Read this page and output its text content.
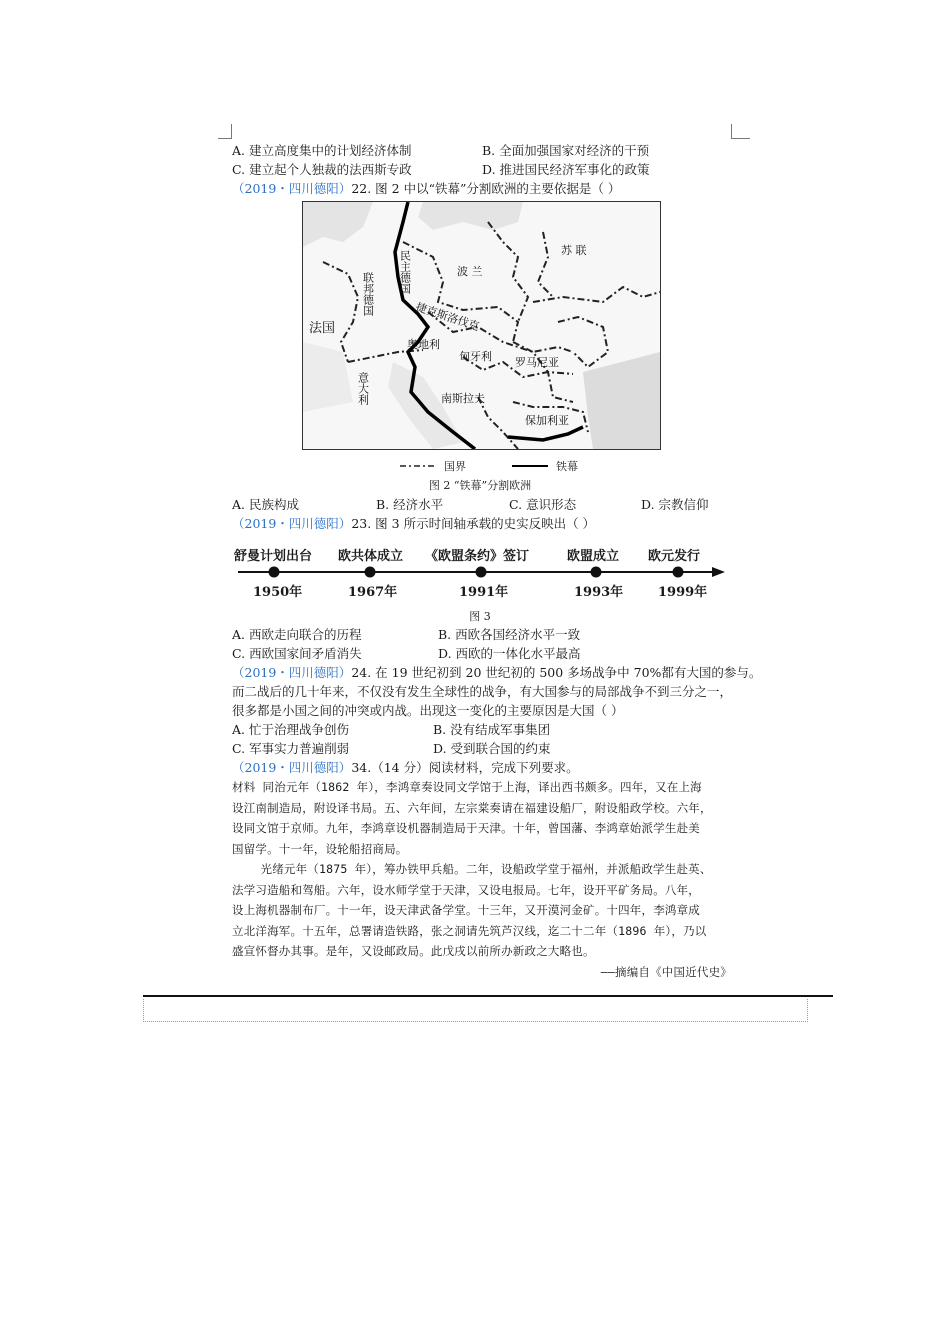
A. 建立高度集中的计划经济体制	B. 全面加强国家对经济的干预
C. 建立起个人独裁的法西斯专政	D. 推进国民经济军事化的政策
（2019・四川德阳）22. 图 2 中以“铁幕”分割欧洲的主要依据是（ ）
苏 联
民主德国	波 兰
联邦德国
法国	捷克斯洛伐克
奥地利
匈牙利 罗马尼亚
意大利	南斯拉夫
保加利亚
国界	铁幕
图 2 “铁幕”分割欧洲
A. 民族构成	B. 经济水平	C. 意识形态	D. 宗教信仰
（2019・四川德阳）23. 图 3 所示时间轴承载的史实反映出（ ）
舒曼计划出台 欧共体成立 《欧盟条约》签订	欧盟成立 欧元发行
1950年	1967年	1991年	1993年	1999年
图 3
A. 西欧走向联合的历程	B. 西欧各国经济水平一致
C. 西欧国家间矛盾消失	D. 西欧的一体化水平最高
（2019・四川德阳）24. 在 19 世纪初到 20 世纪初的 500 多场战争中 70%都有大国的参与。
而二战后的几十年来，不仅没有发生全球性的战争，有大国参与的局部战争不到三分之一，
很多都是小国之间的冲突或内战。出现这一变化的主要原因是大国（ ）
A. 忙于治理战争创伤	B. 没有结成军事集团
C. 军事实力普遍削弱	D. 受到联合国的约束
（2019・四川德阳）34.（14 分）阅读材料，完成下列要求。
材料 同治元年（1862 年），李鸿章奏设同文学馆于上海，译出西书颇多。四年，又在上海
设江南制造局，附设译书局。五、六年间，左宗棠奏请在福建设船厂，附设船政学校。六年，
设同文馆于京师。九年，李鸿章设机器制造局于天津。十年，曾国藩、李鸿章始派学生赴美
国留学。十一年，设轮船招商局。
光绪元年（1875 年），筹办铁甲兵船。二年，设船政学堂于福州，并派船政学生赴英、
法学习造船和驾船。六年，设水师学堂于天津，又设电报局。七年，设开平矿务局。八年，
设上海机器制布厂。十一年，设天津武备学堂。十三年，又开漠河金矿。十四年，李鸿章成
立北洋海军。十五年，总署请造铁路，张之洞请先筑芦汉线，迄二十二年（1896 年），乃以
盛宣怀督办其事。是年，又设邮政局。此戊戌以前所办新政之大略也。
——摘编自《中国近代史》
